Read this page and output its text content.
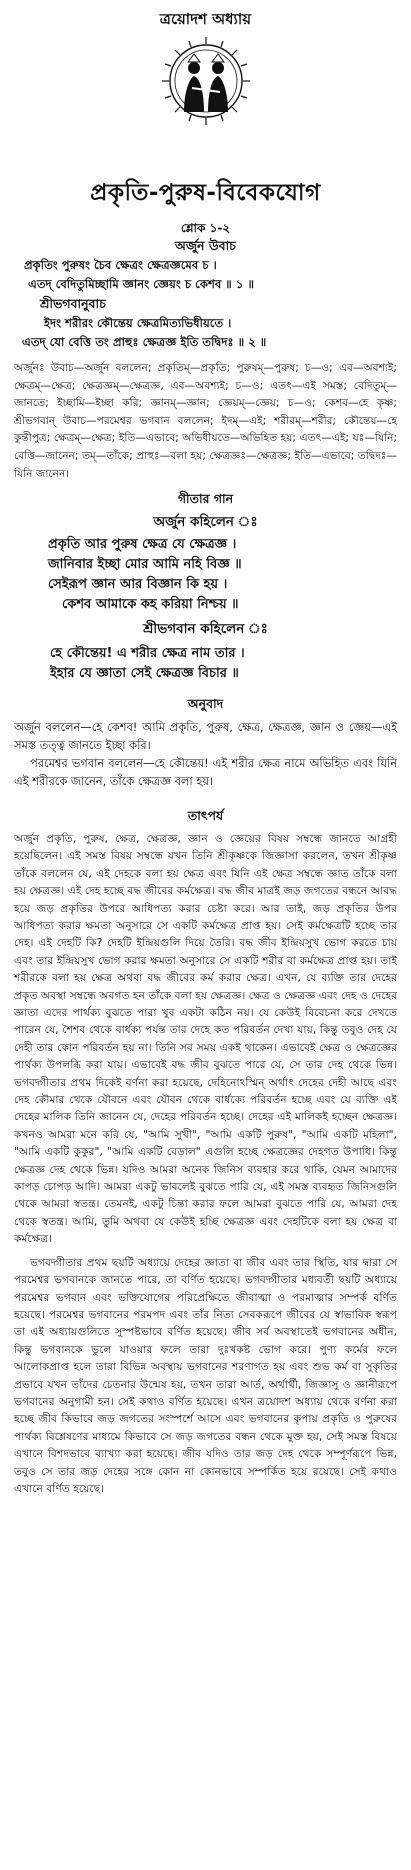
ত্রয়োদশ অধ্যায়
প্রকৃতি-পুরুষ-বিবেকযোগ
শ্লোক ১-২
অর্জুন উবাচ
প্রকৃতিং পুরুষং চৈব ক্ষেত্রং ক্ষেত্রজ্ঞমেব চ ।
এতদ্ বেদিতুমিচ্ছামি জ্ঞানং জ্ঞেয়ং চ কেশব ॥ ১ ॥
শ্রীভগবানুবাচ
ইদং শরীরং কৌন্তেয় ক্ষেত্রমিত্যভিধীয়তে ।
এতদ্ যো বেত্তি তং প্রাহুঃ ক্ষেত্রজ্ঞ ইতি তদ্বিদঃ ॥ ২ ॥
অর্জুনঃ উবাচ—অর্জুন বললেন; প্রকৃতিম্—প্রকৃতি; পুরুষম্—পুরুষ; চ—ও; এব—অবশ্যই; ক্ষেত্রম্—ক্ষেত্র; ক্ষেত্রজ্ঞম্—ক্ষেত্রজ্ঞ, এব—অবশ্যই; চ—ও; এতৎ—এই সমস্ত; বেদিতুম্—জানতে; ইচ্ছামি—ইচ্ছা করি; জ্ঞানম্—জ্ঞান; জ্ঞেয়ম্—জ্ঞেয়; চ—ও; কেশব—হে কৃষ্ণ; শ্রীভগবান্ উবাচ—পরমেশ্বর ভগবান বললেন; ইদম্—এই; শরীরম্—শরীর; কৌন্তেয়—হে কুন্তীপুত্র; ক্ষেত্রম্—ক্ষেত্র; ইতি—এভাবে; অভিধীয়তে—অভিহিত হয়; এতৎ—এই; যঃ—যিনি; বেত্তি—জানেন; তম্—তাঁকে; প্রাহুঃ—বলা হয়; ক্ষেত্রজ্ঞঃ—ক্ষেত্রজ্ঞ; ইতি—এভাবে; তদ্বিদঃ—যিনি জানেন।
গীতার গান
অর্জুন কহিলেন ঃ
প্রকৃতি আর পুরুষ ক্ষেত্র যে ক্ষেত্রজ্ঞ ।
জানিবার ইচ্ছা মোর আমি নহি বিজ্ঞ ॥
সেইরূপ জ্ঞান আর বিজ্ঞান কি হয় ।
কেশব আমাকে কহ করিয়া নিশ্চয় ॥
শ্রীভগবান কহিলেন ঃ
হে কৌন্তেয়! এ শরীর ক্ষেত্র নাম তার ।
ইহার যে জ্ঞাতা সেই ক্ষেত্রজ্ঞ বিচার ॥
অনুবাদ
অর্জুন বললেন—হে কেশব! আমি প্রকৃতি, পুরুষ, ক্ষেত্র, ক্ষেত্রজ্ঞ, জ্ঞান ও জ্ঞেয়—এই সমস্ত তত্ত্ব জানতে ইচ্ছা করি।
পরমেশ্বর ভগবান বললেন—হে কৌন্তেয়! এই শরীর ক্ষেত্র নামে অভিহিত এবং যিনি এই শরীরকে জানেন, তাঁকে ক্ষেত্রজ্ঞ বলা হয়।
তাৎপর্য

অর্জুন প্রকৃতি, পুরুষ, ক্ষেত্র, ক্ষেত্রজ্ঞ, জ্ঞান ও জ্ঞেয়ের বিষয় সম্বন্ধে জানতে আগ্রহী হয়েছিলেন। এই সমস্ত বিষয় সম্বন্ধে যখন তিনি শ্রীকৃষ্ণকে জিজ্ঞাসা করলেন, তখন শ্রীকৃষ্ণ তাঁকে বললেন যে, এই দেহকে বলা হয় ক্ষেত্র এবং যিনি এই ক্ষেত্র সম্বন্ধে জ্ঞাত তাঁকে বলা হয় ক্ষেত্রজ্ঞ। এই দেহ হচ্ছে বদ্ধ জীবের কর্মক্ষেত্র। বদ্ধ জীব মাত্রই জড় জগতের বন্ধনে আবদ্ধ হয়ে জড় প্রকৃতির উপরে আধিপত্য করার চেষ্টা করে। আর তাই, জড় প্রকৃতির উপর আধিপত্য করার ক্ষমতা অনুসারে সে একটি কর্মক্ষেত্র প্রাপ্ত হয়। সেই কর্মক্ষেত্রটি হচ্ছে তার দেহ। এই দেহটি কি? দেহটি ইন্দ্রিয়গুলি দিয়ে তৈরি। বদ্ধ জীব ইন্দ্রিয়সুখ ভোগ করতে চায় এবং তার ইন্দ্রিয়সুখ ভোগ করার ক্ষমতা অনুসারে সে একটি শরীর বা কর্মক্ষেত্র প্রাপ্ত হয়। তাই শরীরকে বলা হয় ক্ষেত্র অথবা বদ্ধ জীবের কর্ম করার ক্ষেত্র। এখন, যে ব্যক্তি তার দেহের প্রকৃত অবস্থা সম্বন্ধে অবগত হন তাঁকে বলা হয় ক্ষেত্রজ্ঞ। ক্ষেত্র ও ক্ষেত্রজ্ঞ এবং দেহ ও দেহের জ্ঞাতা এদের পার্থক্য বুঝতে পারা খুব একটা কঠিন নয়। যে কেউই বিবেচনা করে দেখতে পারেন যে, শৈশব থেকে বার্ধক্য পর্যন্ত তার দেহে কত পরিবর্তন দেখা যায়, কিন্তু তবুও দেহ যে দেহী তার কোন পরিবর্তন হয় না। তিনি সব সময় একই থাকেন। এভাবেই ক্ষেত্র ও ক্ষেত্রজ্ঞের পার্থক্য উপলব্ধি করা যায়। এভাবেই বদ্ধ জীব বুঝতে পারে যে, সে তার দেহ থেকে ভিন্ন। ভগবদ্গীতার প্রথম দিকেই বর্ণনা করা হয়েছে, দেহিনোঽস্মিন্ অর্থাৎ দেহের দেহী আছে এবং দেহ কৌমার থেকে যৌবনে এবং যৌবন থেকে বার্ধক্যে পরিবর্তন হচ্ছে এবং যে ব্যক্তি এই দেহের মালিক তিনি জানেন যে, দেহের পরিবর্তন হচ্ছে। দেহের এই মালিকই হচ্ছেন ক্ষেত্রজ্ঞ। কখনও আমরা মনে করি যে, "আমি সুখী", "আমি একটি পুরুষ", "আমি একটি মহিলা", "আমি একটি কুকুর", "আমি একটি বেড়াল" এগুলি হচ্ছে ক্ষেত্রজ্ঞের দেহগত উপাধি। কিন্তু ক্ষেত্রজ্ঞ দেহ থেকে ভিন্ন। যদিও আমরা অনেক জিনিস ব্যবহার করে থাকি, যেমন আমাদের কাপড় চোপড় আদি। আমরা একটু ভাবলেই বুঝতে পারি যে, এই সমস্ত ব্যবহৃত জিনিসগুলি থেকে আমরা স্বতন্ত্র। তেমনই, একটু চিন্তা করার ফলে আমরা বুঝতে পারি যে, আমরা দেহ থেকে স্বতন্ত্র। আমি, তুমি অথবা যে কেউই হচ্ছি ক্ষেত্রজ্ঞ এবং দেহটিকে বলা হয় ক্ষেত্র বা কর্মক্ষেত্র।

ভগবদ্গীতার প্রথম ছয়টি অধ্যায়ে দেহের জ্ঞাতা বা জীব এবং তার স্থিতি, যার দ্বারা সে পরমেশ্বর ভগবানকে জানতে পারে, তা বর্ণিত হয়েছে। ভগবদ্গীতার মধ্যবর্তী ছয়টি অধ্যায়ে পরমেশ্বর ভগবান এবং ভক্তিযোগের পরিপ্রেক্ষিতে জীবাত্মা ও পরমাত্মার সম্পর্ক বর্ণিত হয়েছে। পরমেশ্বর ভগবানের পরমপদ এবং তাঁর নিত্য সেবকরূপে জীবের যে স্বাভাবিক স্বরূপ তা এই অধ্যায়গুলিতে সুস্পষ্টভাবে বর্ণিত হয়েছে। জীব সর্ব অবস্থাতেই ভগবানের অধীন, কিন্তু ভগবানকে ভুলে যাওয়ার ফলে তারা দুঃখকষ্ট ভোগ করে। পুণ্য কর্মের ফলে আলোকপ্রাপ্ত হলে তারা বিভিন্ন অবস্থায় ভগবানের শরণাগত হয় এবং শুভ কর্ম বা সুকৃতির প্রভাবে যখন তাঁদের চেতনার উন্মেষ হয়, তখন তারা আর্ত, অর্থার্থী, জিজ্ঞাসু ও জ্ঞানীরূপে ভগবানের অনুগামী হন। সেই কথাও বর্ণিত হয়েছে। এখন ত্রয়োদশ অধ্যায় থেকে বর্ণনা করা হচ্ছে জীব কিভাবে জড় জগতের সংস্পর্শে আসে এবং ভগবানের কৃপায় প্রকৃতি ও পুরুষের পার্থক্য বিশ্লেষণের মাধ্যমে কিভাবে সে জড় জগতের বন্ধন থেকে মুক্ত হয়, সেই সমস্ত বিষয়ে এখানে বিশদভাবে ব্যাখ্যা করা হয়েছে। জীব যদিও তার জড় দেহ থেকে সম্পূর্ণরূপে ভিন্ন, তবুও সে তার জড় দেহের সঙ্গে কোন না কোনভাবে সম্পর্কিত হয়ে রয়েছে। সেই কথাও এখানে বর্ণিত হয়েছে।
